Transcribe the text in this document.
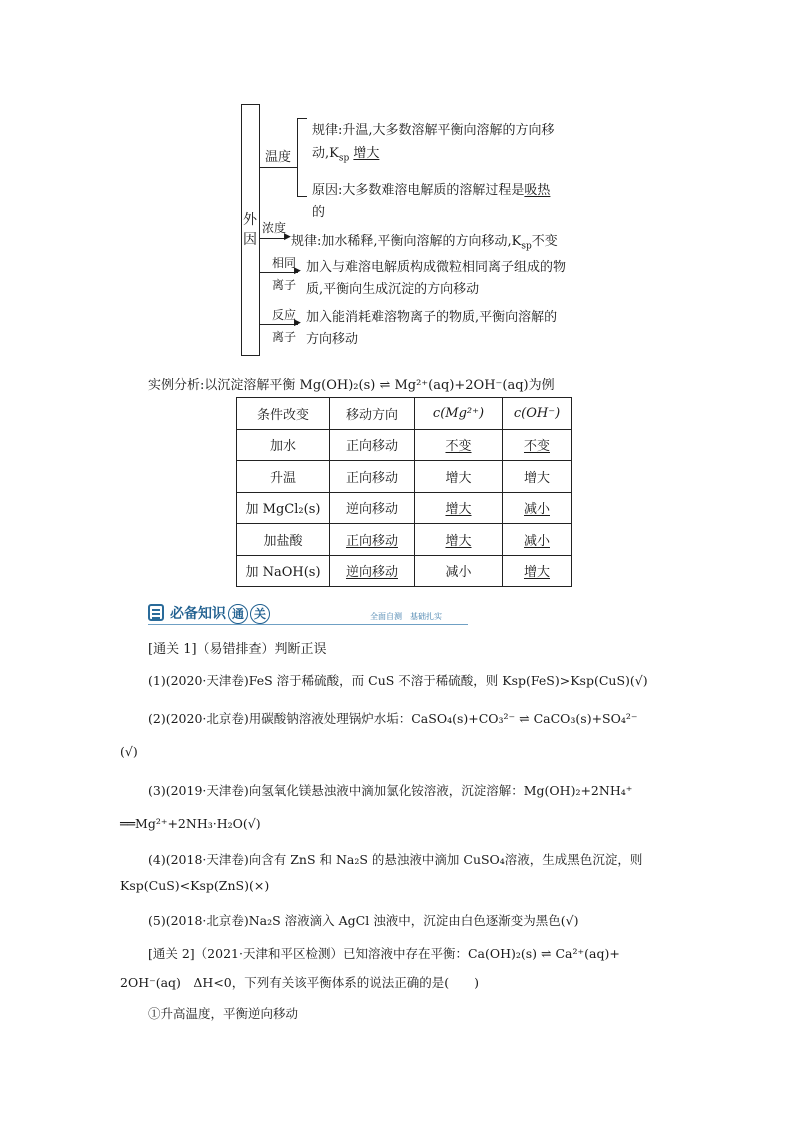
外因
温度
规律:升温,大多数溶解平衡向溶解的方向移
动$,K_{sp}$ 增大
原因:大多数难溶电解质的溶解过程是吸热
的
浓度
▶ 规律:加水稀释,平衡向溶解的方向移动$,K_{sp}$不变
相同
▶
离子
加入与难溶电解质构成微粒相同离子组成的物
质,平衡向生成沉淀的方向移动
反应
▶
离子
加入能消耗难溶物离子的物质,平衡向溶解的
方向移动
实例分析:以沉淀溶解平衡 Mg(OH)₂(s) ⇌ Mg²⁺(aq)+2OH⁻(aq)为例
条件改变	移动方向	c(Mg²⁺)	c(OH⁻)
加水	正向移动	不变	不变
升温	正向移动	增大	增大
加 MgCl₂(s)	逆向移动	增大	减小
加盐酸	正向移动	增大	减小
加 NaOH(s)	逆向移动	减小	增大
必备知识 通 关	全面自测　基础扎实
[通关 1]（易错排查）判断正误
(1)(2020·天津卷)FeS 溶于稀硫酸，而 CuS 不溶于稀硫酸，则 Ksp(FeS)>Ksp(CuS)(√)
(2)(2020·北京卷)用碳酸钠溶液处理锅炉水垢：CaSO₄(s)+CO₃²⁻ ⇌ CaCO₃(s)+SO₄²⁻
(√)
(3)(2019·天津卷)向氢氧化镁悬浊液中滴加氯化铵溶液，沉淀溶解：Mg(OH)₂+2NH₄⁺
══Mg²⁺+2NH₃·H₂O(√)
(4)(2018·天津卷)向含有 ZnS 和 Na₂S 的悬浊液中滴加 CuSO₄溶液，生成黑色沉淀，则
Ksp(CuS)<Ksp(ZnS)(×)
(5)(2018·北京卷)Na₂S 溶液滴入 AgCl 浊液中，沉淀由白色逐渐变为黑色(√)
[通关 2]（2021·天津和平区检测）已知溶液中存在平衡：Ca(OH)₂(s) ⇌ Ca²⁺(aq)+
2OH⁻(aq)　ΔH<0，下列有关该平衡体系的说法正确的是(　　)
①升高温度，平衡逆向移动
